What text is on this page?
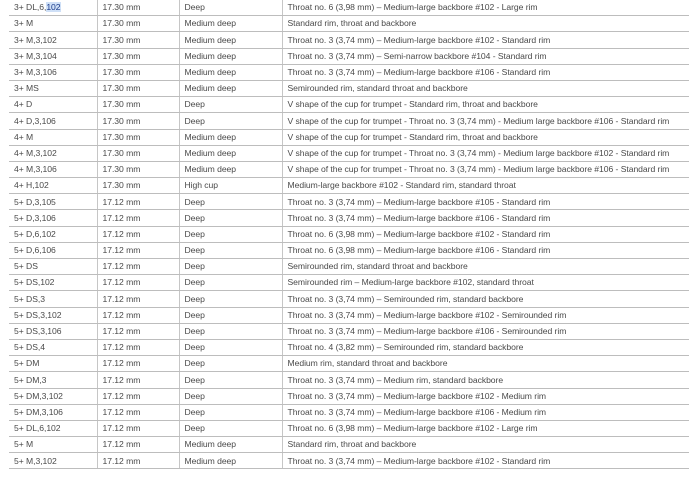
3+ DL,6,102	17.30 mm	Deep	Throat no. 6 (3,98 mm) – Medium-large backbore #102 - Large rim
3+ M	17.30 mm	Medium deep	Standard rim, throat and backbore
3+ M,3,102	17.30 mm	Medium deep	Throat no. 3 (3,74 mm) – Medium-large backbore #102 - Standard rim
3+ M,3,104	17.30 mm	Medium deep	Throat no. 3 (3,74 mm) – Semi-narrow backbore #104 - Standard rim
3+ M,3,106	17.30 mm	Medium deep	Throat no. 3 (3,74 mm) – Medium-large backbore #106 - Standard rim
3+ MS	17.30 mm	Medium deep	Semirounded rim, standard throat and backbore
4+ D	17.30 mm	Deep	V shape of the cup for trumpet - Standard rim, throat and backbore
4+ D,3,106	17.30 mm	Deep	V shape of the cup for trumpet - Throat no. 3 (3,74 mm) - Medium large backbore #106 - Standard rim
4+ M	17.30 mm	Medium deep	V shape of the cup for trumpet - Standard rim, throat and backbore
4+ M,3,102	17.30 mm	Medium deep	V shape of the cup for trumpet - Throat no. 3 (3,74 mm) - Medium large backbore #102 - Standard rim
4+ M,3,106	17.30 mm	Medium deep	V shape of the cup for trumpet - Throat no. 3 (3,74 mm) - Medium large backbore #106 - Standard rim
4+ H,102	17.30 mm	High cup	Medium-large backbore #102 - Standard rim, standard throat
5+ D,3,105	17.12 mm	Deep	Throat no. 3 (3,74 mm) – Medium-large backbore #105 - Standard rim
5+ D,3,106	17.12 mm	Deep	Throat no. 3 (3,74 mm) – Medium-large backbore #106 - Standard rim
5+ D,6,102	17.12 mm	Deep	Throat no. 6 (3,98 mm) – Medium-large backbore #102 - Standard rim
5+ D,6,106	17.12 mm	Deep	Throat no. 6 (3,98 mm) – Medium-large backbore #106 - Standard rim
5+ DS	17.12 mm	Deep	Semirounded rim, standard throat and backbore
5+ DS,102	17.12 mm	Deep	Semirounded rim – Medium-large backbore #102, standard throat
5+ DS,3	17.12 mm	Deep	Throat no. 3 (3,74 mm) – Semirounded rim, standard backbore
5+ DS,3,102	17.12 mm	Deep	Throat no. 3 (3,74 mm) – Medium-large backbore #102 - Semirounded rim
5+ DS,3,106	17.12 mm	Deep	Throat no. 3 (3,74 mm) – Medium-large backbore #106 - Semirounded rim
5+ DS,4	17.12 mm	Deep	Throat no. 4 (3,82 mm) – Semirounded rim, standard backbore
5+ DM	17.12 mm	Deep	Medium rim, standard throat and backbore
5+ DM,3	17.12 mm	Deep	Throat no. 3 (3,74 mm) – Medium rim, standard backbore
5+ DM,3,102	17.12 mm	Deep	Throat no. 3 (3,74 mm) – Medium-large backbore #102 - Medium rim
5+ DM,3,106	17.12 mm	Deep	Throat no. 3 (3,74 mm) – Medium-large backbore #106 - Medium rim
5+ DL,6,102	17.12 mm	Deep	Throat no. 6 (3,98 mm) – Medium-large backbore #102 - Large rim
5+ M	17.12 mm	Medium deep	Standard rim, throat and backbore
5+ M,3,102	17.12 mm	Medium deep	Throat no. 3 (3,74 mm) – Medium-large backbore #102 - Standard rim
